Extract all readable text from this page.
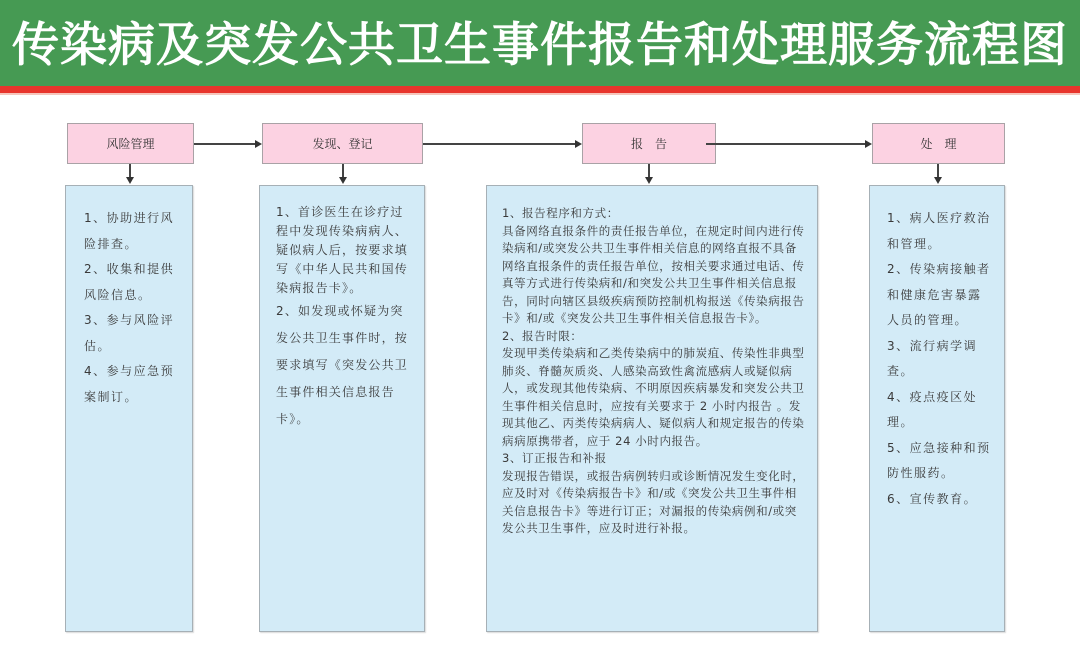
传染病及突发公共卫生事件报告和处理服务流程图
风险管理	发现、登记	报　告	处　理
1、协助进行风险排查。
2、收集和提供风险信息。
3、参与风险评估。
4、参与应急预案制订。
1、首诊医生在诊疗过程中发现传染病病人、疑似病人后，按要求填写《中华人民共和国传染病报告卡》。
2、如发现或怀疑为突发公共卫生事件时，按要求填写《突发公共卫生事件相关信息报告卡》。
1、报告程序和方式：
具备网络直报条件的责任报告单位，在规定时间内进行传染病和/或突发公共卫生事件相关信息的网络直报不具备网络直报条件的责任报告单位，按相关要求通过电话、传真等方式进行传染病和/和突发公共卫生事件相关信息报告，同时向辖区县级疾病预防控制机构报送《传染病报告卡》和/或《突发公共卫生事件相关信息报告卡》。
2、报告时限：
发现甲类传染病和乙类传染病中的肺炭疽、传染性非典型肺炎、脊髓灰质炎、人感染高致性禽流感病人或疑似病人，或发现其他传染病、不明原因疾病暴发和突发公共卫生事件相关信息时，应按有关要求于 2 小时内报告 。发现其他乙、丙类传染病病人、疑似病人和规定报告的传染病病原携带者，应于 24 小时内报告。
3、订正报告和补报
发现报告错误，或报告病例转归或诊断情况发生变化时，应及时对《传染病报告卡》和/或《突发公共卫生事件相关信息报告卡》等进行订正；对漏报的传染病例和/或突发公共卫生事件，应及时进行补报。
1、病人医疗救治和管理。
2、传染病接触者和健康危害暴露人员的管理。
3、流行病学调查。
4、疫点疫区处理。
5、应急接种和预防性服药。
6、宣传教育。
